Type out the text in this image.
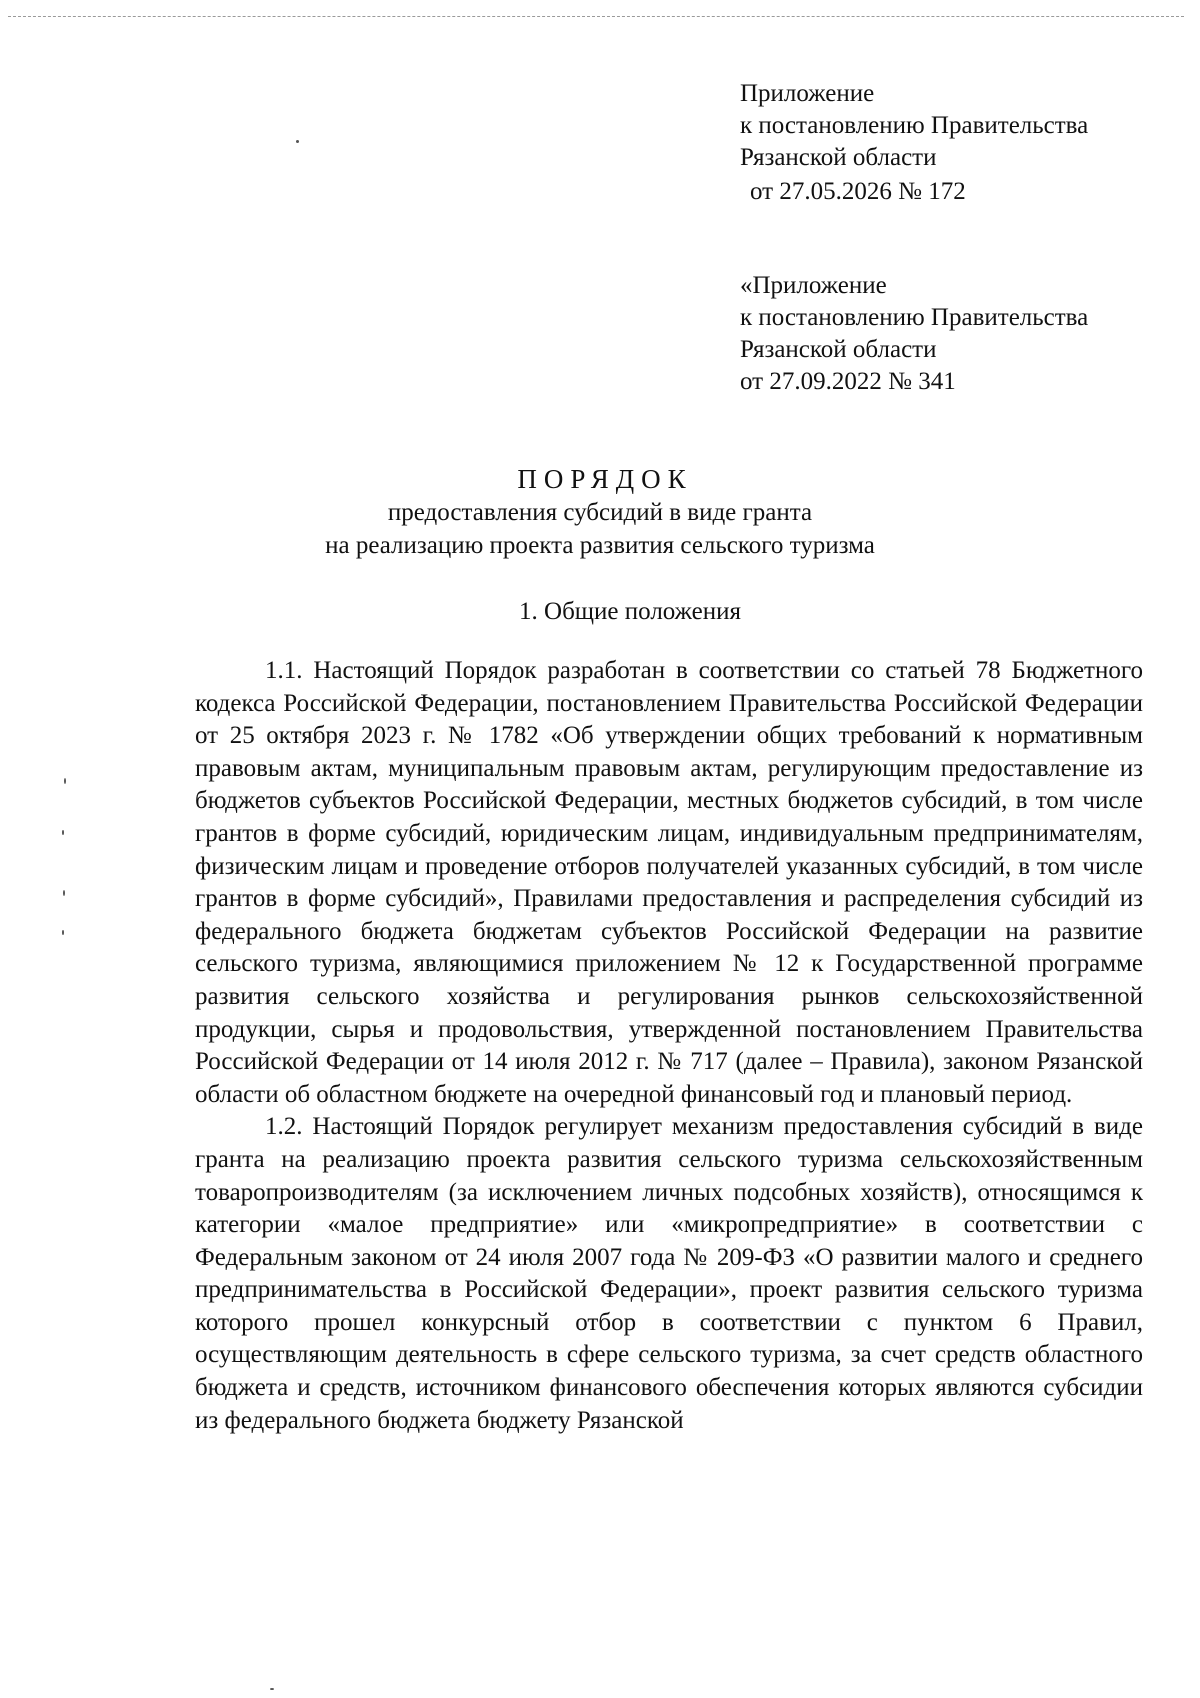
Приложение
к постановлению Правительства
Рязанской области
от 27.05.2026 № 172
«Приложение
к постановлению Правительства
Рязанской области
от 27.09.2022 № 341
ПОРЯДОК
предоставления субсидий в виде гранта
на реализацию проекта развития сельского туризма
1. Общие положения

1.1. Настоящий Порядок разработан в соответствии со статьей 78 Бюджетного кодекса Российской Федерации, постановлением Правительства Российской Федерации от 25 октября 2023 г. № 1782 «Об утверждении общих требований к нормативным правовым актам, муниципальным правовым актам, регулирующим предоставление из бюджетов субъектов Российской Федерации, местных бюджетов субсидий, в том числе грантов в форме субсидий, юридическим лицам, индивидуальным предпринимателям, физическим лицам и проведение отборов получателей указанных субсидий, в том числе грантов в форме субсидий», Правилами предоставления и распределения субсидий из федерального бюджета бюджетам субъектов Российской Федерации на развитие сельского туризма, являющимися приложением № 12 к Государственной программе развития сельского хозяйства и регулирования рынков сельскохозяйственной продукции, сырья и продовольствия, утвержденной постановлением Правительства Российской Федерации от 14 июля 2012 г. № 717 (далее – Правила), законом Рязанской области об областном бюджете на очередной финансовый год и плановый период.

1.2. Настоящий Порядок регулирует механизм предоставления субсидий в виде гранта на реализацию проекта развития сельского туризма сельскохозяйственным товаропроизводителям (за исключением личных подсобных хозяйств), относящимся к категории «малое предприятие» или «микропредприятие» в соответствии с Федеральным законом от 24 июля 2007 года № 209-ФЗ «О развитии малого и среднего предпринимательства в Российской Федерации», проект развития сельского туризма которого прошел конкурсный отбор в соответствии с пунктом 6 Правил, осуществляющим деятельность в сфере сельского туризма, за счет средств областного бюджета и средств, источником финансового обеспечения которых являются субсидии из федерального бюджета бюджету Рязанской
